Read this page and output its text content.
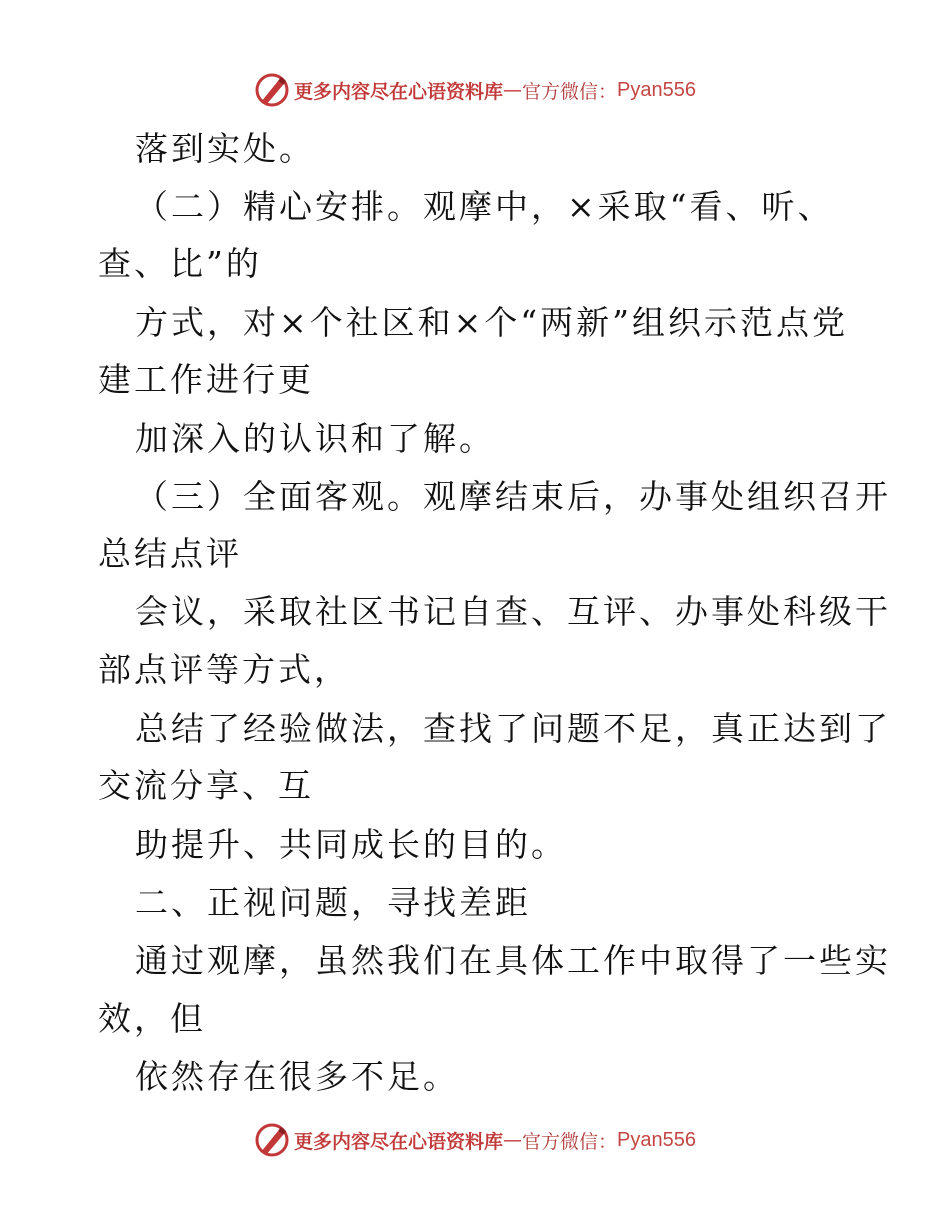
更多内容尽在心语资料库 — 官方微信： Pyan556
落到实处。
（二）精心安排。观摩中，×采取“看、听、
查、比”的
方式，对×个社区和×个“两新”组织示范点党
建工作进行更
加深入的认识和了解。
（三）全面客观。观摩结束后，办事处组织召开
总结点评
会议，采取社区书记自查、互评、办事处科级干
部点评等方式，
总结了经验做法，查找了问题不足，真正达到了
交流分享、互
助提升、共同成长的目的。
二、正视问题，寻找差距
通过观摩，虽然我们在具体工作中取得了一些实
效，但
依然存在很多不足。
更多内容尽在心语资料库 — 官方微信： Pyan556
